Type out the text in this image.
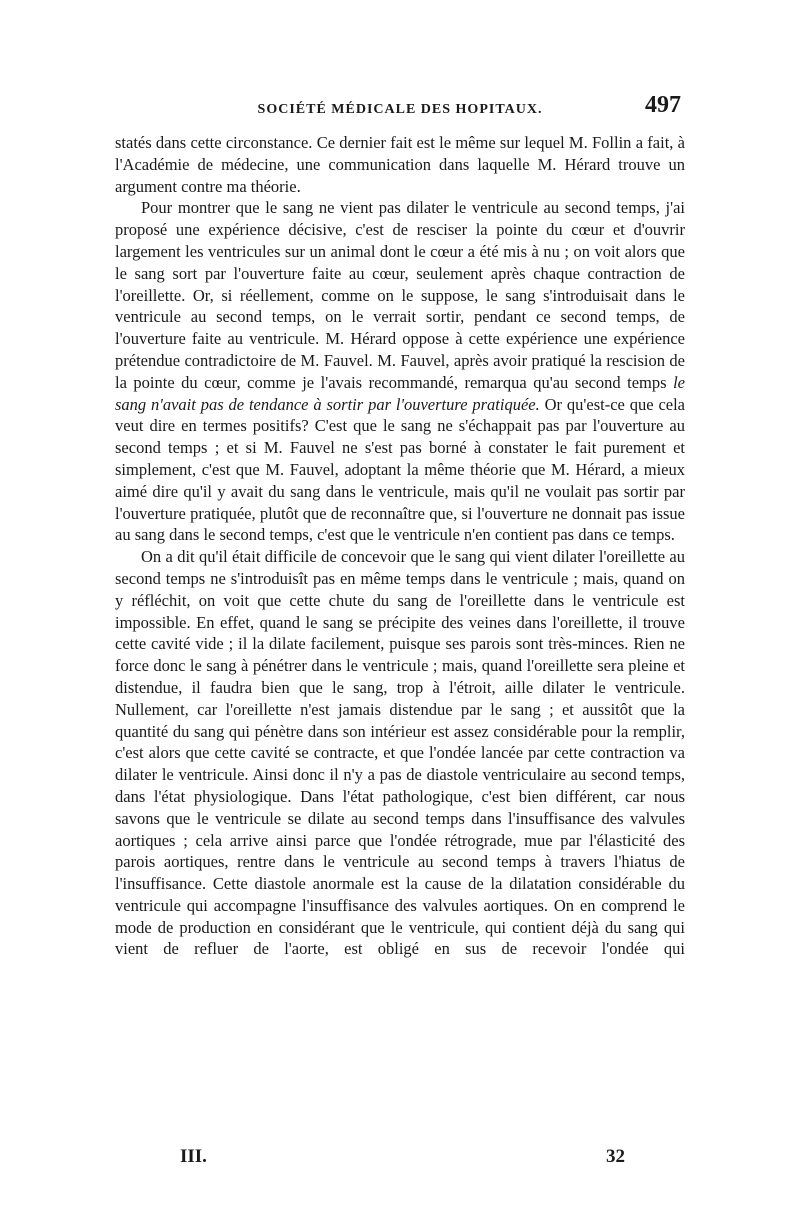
SOCIÉTÉ MÉDICALE DES HOPITAUX.	497

statés dans cette circonstance. Ce dernier fait est le même sur lequel M. Follin a fait, à l'Académie de médecine, une communication dans laquelle M. Hérard trouve un argument contre ma théorie.

Pour montrer que le sang ne vient pas dilater le ventricule au second temps, j'ai proposé une expérience décisive, c'est de resciser la pointe du cœur et d'ouvrir largement les ventricules sur un animal dont le cœur a été mis à nu ; on voit alors que le sang sort par l'ouverture faite au cœur, seulement après chaque contraction de l'oreillette. Or, si réellement, comme on le suppose, le sang s'introduisait dans le ventricule au second temps, on le verrait sortir, pendant ce second temps, de l'ouverture faite au ventricule. M. Hérard oppose à cette expérience une expérience prétendue contradictoire de M. Fauvel. M. Fauvel, après avoir pratiqué la rescision de la pointe du cœur, comme je l'avais recommandé, remarqua qu'au second temps le sang n'avait pas de tendance à sortir par l'ouverture pratiquée. Or qu'est-ce que cela veut dire en termes positifs? C'est que le sang ne s'échappait pas par l'ouverture au second temps ; et si M. Fauvel ne s'est pas borné à constater le fait purement et simplement, c'est que M. Fauvel, adoptant la même théorie que M. Hérard, a mieux aimé dire qu'il y avait du sang dans le ventricule, mais qu'il ne voulait pas sortir par l'ouverture pratiquée, plutôt que de reconnaître que, si l'ouverture ne donnait pas issue au sang dans le second temps, c'est que le ventricule n'en contient pas dans ce temps.

On a dit qu'il était difficile de concevoir que le sang qui vient dilater l'oreillette au second temps ne s'introduisît pas en même temps dans le ventricule ; mais, quand on y réfléchit, on voit que cette chute du sang de l'oreillette dans le ventricule est impossible. En effet, quand le sang se précipite des veines dans l'oreillette, il trouve cette cavité vide ; il la dilate facilement, puisque ses parois sont très-minces. Rien ne force donc le sang à pénétrer dans le ventricule ; mais, quand l'oreillette sera pleine et distendue, il faudra bien que le sang, trop à l'étroit, aille dilater le ventricule. Nullement, car l'oreillette n'est jamais distendue par le sang ; et aussitôt que la quantité du sang qui pénètre dans son intérieur est assez considérable pour la remplir, c'est alors que cette cavité se contracte, et que l'ondée lancée par cette contraction va dilater le ventricule. Ainsi donc il n'y a pas de diastole ventriculaire au second temps, dans l'état physiologique. Dans l'état pathologique, c'est bien différent, car nous savons que le ventricule se dilate au second temps dans l'insuffisance des valvules aortiques ; cela arrive ainsi parce que l'ondée rétrograde, mue par l'élasticité des parois aortiques, rentre dans le ventricule au second temps à travers l'hiatus de l'insuffisance. Cette diastole anormale est la cause de la dilatation considérable du ventricule qui accompagne l'insuffisance des valvules aortiques. On en comprend le mode de production en considérant que le ventricule, qui contient déjà du sang qui vient de refluer de l'aorte, est obligé en sus de recevoir l'ondée qui

III.	32
